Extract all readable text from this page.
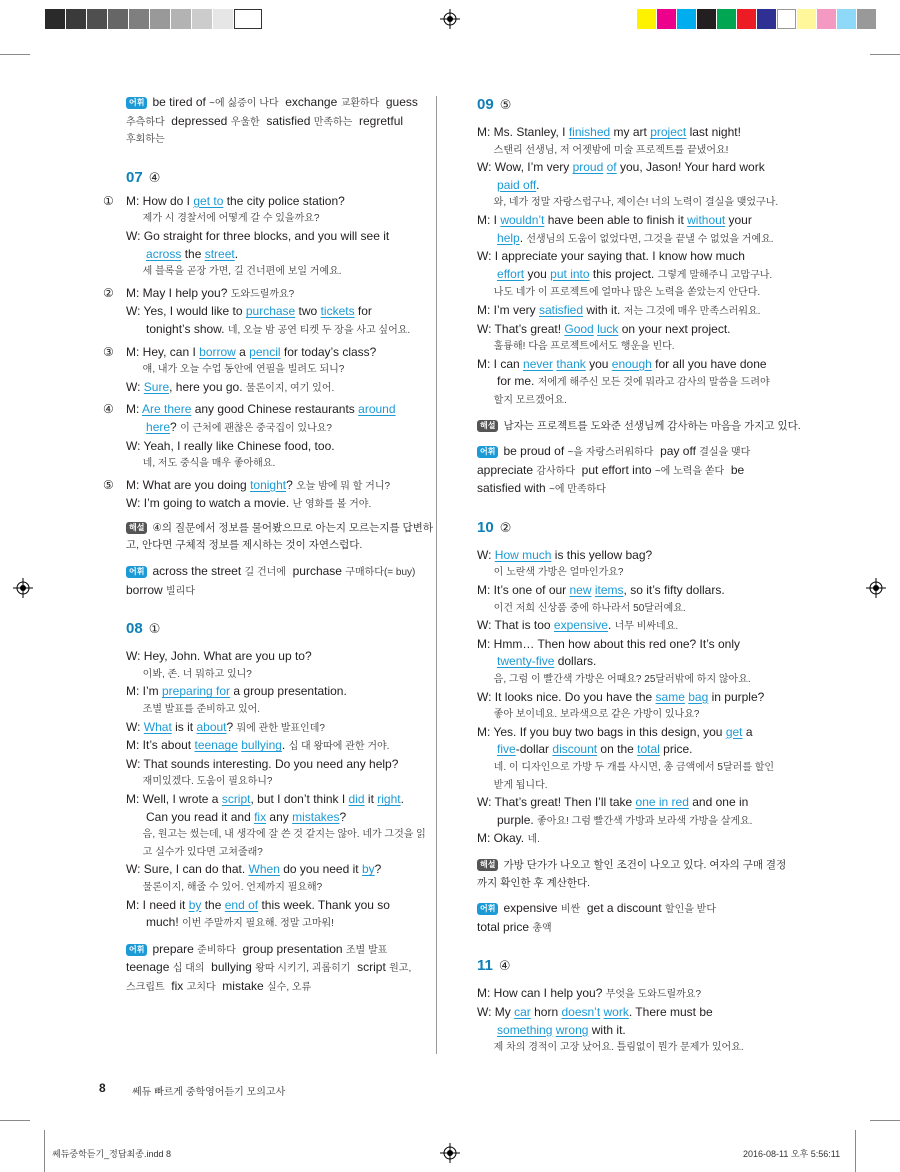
어휘 be tired of ~에 싫증이 나다  exchange 교환하다  guess

추측하다  depressed 우울한  satisfied 만족하는  regretful

후회하는

07 ④

① M: How do I get to the city police station?

제가 시 경찰서에 어떻게 갈 수 있을까요?

W: Go straight for three blocks, and you will see it

across the street.

세 블록을 곧장 가면, 길 건너편에 보일 거예요.

② M: May I help you? 도와드릴까요?

W: Yes, I would like to purchase two tickets for

tonight’s show. 네, 오늘 밤 공연 티켓 두 장을 사고 싶어요.

③ M: Hey, can I borrow a pencil for today’s class?

얘, 내가 오늘 수업 동안에 연필을 빌려도 되니?

W: Sure, here you go. 물론이지, 여기 있어.

④ M: Are there any good Chinese restaurants around

here? 이 근처에 괜찮은 중국집이 있나요?

W: Yeah, I really like Chinese food, too.

네, 저도 중식을 매우 좋아해요.

⑤ M: What are you doing tonight? 오늘 밤에 뭐 할 거니?

W: I’m going to watch a movie. 난 영화를 볼 거야.

해설 ④의 질문에서 정보를 물어봤으므로 아는지 모르는지를 답변하

고, 안다면 구체적 정보를 제시하는 것이 자연스럽다.

어휘 across the street 길 건너에  purchase 구매하다(= buy)

borrow 빌리다

08 ①

W: Hey, John. What are you up to?

이봐, 존. 너 뭐하고 있니?

M: I’m preparing for a group presentation.

조별 발표를 준비하고 있어.

W: What is it about? 뭐에 관한 발표인데?

M: It’s about teenage bullying. 십 대 왕따에 관한 거야.

W: That sounds interesting. Do you need any help?

재미있겠다. 도움이 필요하니?

M: Well, I wrote a script, but I don’t think I did it right.

Can you read it and fix any mistakes?

음, 원고는 썼는데, 내 생각에 잘 쓴 것 같지는 않아. 네가 그것을 읽

고 실수가 있다면 고쳐줄래?

W: Sure, I can do that. When do you need it by?

물론이지, 해줄 수 있어. 언제까지 필요해?

M: I need it by the end of this week. Thank you so

much! 이번 주말까지 필요해. 정말 고마워!

어휘 prepare 준비하다  group presentation 조별 발표

teenage 십 대의  bullying 왕따 시키기, 괴롭히기  script 원고,

스크립트  fix 고치다  mistake 실수, 오류

09 ⑤

M: Ms. Stanley, I finished my art project last night!

스탠리 선생님, 저 어젯밤에 미술 프로젝트를 끝냈어요!

W: Wow, I’m very proud of you, Jason! Your hard work

paid off.

와, 네가 정말 자랑스럽구나, 제이슨! 너의 노력이 결실을 맺었구나.

M: I wouldn’t have been able to finish it without your

help. 선생님의 도움이 없었다면, 그것을 끝낼 수 없었을 거예요.

W: I appreciate your saying that. I know how much

effort you put into this project. 그렇게 말해주니 고맙구나.

나도 네가 이 프로젝트에 얼마나 많은 노력을 쏟았는지 안단다.

M: I’m very satisfied with it. 저는 그것에 매우 만족스러워요.

W: That’s great! Good luck on your next project.

훌륭해! 다음 프로젝트에서도 행운을 빈다.

M: I can never thank you enough for all you have done

for me. 저에게 해주신 모든 것에 뭐라고 감사의 말씀을 드려야

할지 모르겠어요.

해설 남자는 프로젝트를 도와준 선생님께 감사하는 마음을 가지고 있다.

어휘 be proud of ~을 자랑스러워하다  pay off 결실을 맺다

appreciate 감사하다  put effort into ~에 노력을 쏟다  be

satisfied with ~에 만족하다

10 ②

W: How much is this yellow bag?

이 노란색 가방은 얼마인가요?

M: It’s one of our new items, so it’s fifty dollars.

이건 저희 신상품 중에 하나라서 50달러예요.

W: That is too expensive. 너무 비싸네요.

M: Hmm… Then how about this red one? It’s only

twenty-five dollars.

음, 그럼 이 빨간색 가방은 어때요? 25달러밖에 하지 않아요.

W: It looks nice. Do you have the same bag in purple?

좋아 보이네요. 보라색으로 같은 가방이 있나요?

M: Yes. If you buy two bags in this design, you get a

five-dollar discount on the total price.

네. 이 디자인으로 가방 두 개를 사시면, 총 금액에서 5달러를 할인

받게 됩니다.

W: That’s great! Then I’ll take one in red and one in

purple. 좋아요! 그럼 빨간색 가방과 보라색 가방을 살게요.

M: Okay. 네.

해설 가방 단가가 나오고 할인 조건이 나오고 있다. 여자의 구매 결정

까지 확인한 후 계산한다.

어휘 expensive 비싼  get a discount 할인을 받다

total price 총액

11 ④

M: How can I help you? 무엇을 도와드릴까요?

W: My car horn doesn’t work. There must be

something wrong with it.

제 차의 경적이 고장 났어요. 틀림없이 뭔가 문제가 있어요.

8	쎄듀 빠르게 중학영어듣기 모의고사
쎄듀중학듣기_정답최종.indd 8	2016-08-11 오후 5:56:11
